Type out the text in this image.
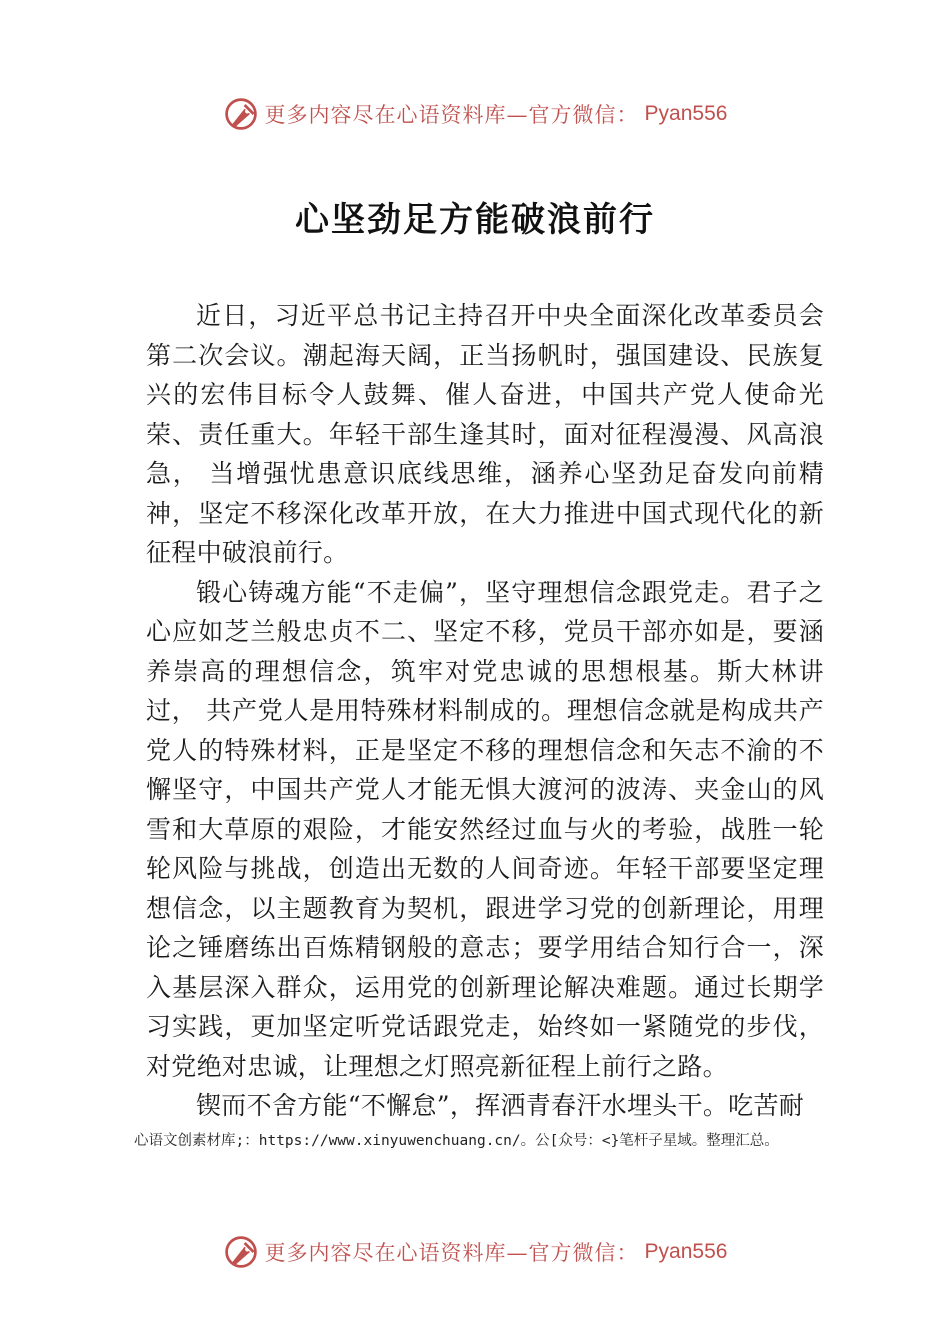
更多内容尽在心语资料库—官方微信： Pyan556
心坚劲足方能破浪前行

近日，习近平总书记主持召开中央全面深化改革委员会第二次会议。潮起海天阔，正当扬帆时，强国建设、民族复兴的宏伟目标令人鼓舞、催人奋进，中国共产党人使命光荣、责任重大。年轻干部生逢其时，面对征程漫漫、风高浪急， 当增强忧患意识底线思维，涵养心坚劲足奋发向前精神，坚定不移深化改革开放，在大力推进中国式现代化的新征程中破浪前行。

锻心铸魂方能“不走偏”，坚守理想信念跟党走。君子之心应如芝兰般忠贞不二、坚定不移，党员干部亦如是，要涵养崇高的理想信念，筑牢对党忠诚的思想根基。斯大林讲过， 共产党人是用特殊材料制成的。理想信念就是构成共产党人的特殊材料，正是坚定不移的理想信念和矢志不渝的不懈坚守，中国共产党人才能无惧大渡河的波涛、夹金山的风雪和大草原的艰险，才能安然经过血与火的考验，战胜一轮轮风险与挑战，创造出无数的人间奇迹。年轻干部要坚定理想信念，以主题教育为契机，跟进学习党的创新理论，用理论之锤磨练出百炼精钢般的意志；要学用结合知行合一，深入基层深入群众，运用党的创新理论解决难题。通过长期学习实践，更加坚定听党话跟党走，始终如一紧随党的步伐，对党绝对忠诚，让理想之灯照亮新征程上前行之路。

锲而不舍方能“不懈怠”，挥洒青春汗水埋头干。吃苦耐

心语文创素材库;：https://www.xinyuwenchuang.cn/。公[众号：<}笔杆子星域。整理汇总。
更多内容尽在心语资料库—官方微信： Pyan556
